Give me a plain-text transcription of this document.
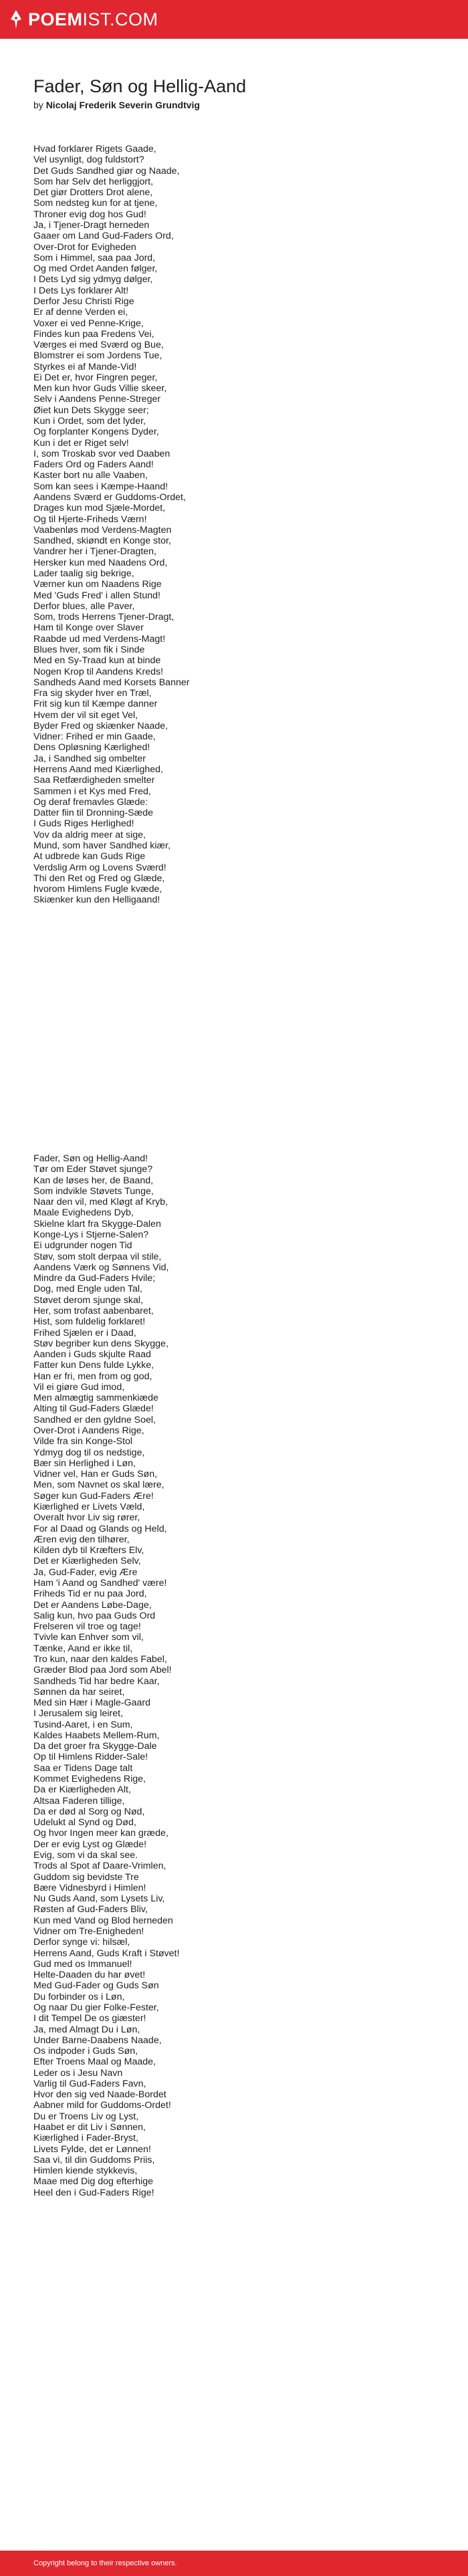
POEMIST.COM
Fader, Søn og Hellig-Aand
by Nicolaj Frederik Severin Grundtvig
Hvad forklarer Rigets Gaade,
Vel usynligt, dog fuldstort?
Det Guds Sandhed giør og Naade,
Som har Selv det herliggjort,
Det giør Drotters Drot alene,
Som nedsteg kun for at tjene,
Throner evig dog hos Gud!
Ja, i Tjener-Dragt herneden
Gaaer om Land Gud-Faders Ord,
Over-Drot for Evigheden
Som i Himmel, saa paa Jord,
Og med Ordet Aanden følger,
I Dets Lyd sig ydmyg dølger,
I Dets Lys forklarer Alt!
Derfor Jesu Christi Rige
Er af denne Verden ei,
Voxer ei ved Penne-Krige,
Findes kun paa Fredens Vei,
Værges ei med Sværd og Bue,
Blomstrer ei som Jordens Tue,
Styrkes ei af Mande-Vid!
Ei Det er, hvor Fingren peger,
Men kun hvor Guds Villie skeer,
Selv i Aandens Penne-Streger
Øiet kun Dets Skygge seer;
Kun i Ordet, som det lyder,
Og forplanter Kongens Dyder,
Kun i det er Riget selv!
I, som Troskab svor ved Daaben
Faders Ord og Faders Aand!
Kaster bort nu alle Vaaben,
Som kan sees i Kæmpe-Haand!
Aandens Sværd er Guddoms-Ordet,
Drages kun mod Sjæle-Mordet,
Og til Hjerte-Friheds Værn!
Vaabenløs mod Verdens-Magten
Sandhed, skiøndt en Konge stor,
Vandrer her i Tjener-Dragten,
Hersker kun med Naadens Ord,
Lader taalig sig bekrige,
Værner kun om Naadens Rige
Med 'Guds Fred' i allen Stund!
Derfor blues, alle Paver,
Som, trods Herrens Tjener-Dragt,
Ham til Konge over Slaver
Raabde ud med Verdens-Magt!
Blues hver, som fik i Sinde
Med en Sy-Traad kun at binde
Nogen Krop til Aandens Kreds!
Sandheds Aand med Korsets Banner
Fra sig skyder hver en Træl,
Frit sig kun til Kæmpe danner
Hvem der vil sit eget Vel,
Byder Fred og skiænker Naade,
Vidner: Frihed er min Gaade,
Dens Opløsning Kærlighed!
Ja, i Sandhed sig ombelter
Herrens Aand med Kiærlighed,
Saa Retfærdigheden smelter
Sammen i et Kys med Fred,
Og deraf fremavles Glæde:
Datter fiin til Dronning-Sæde
I Guds Riges Herlighed!
Vov da aldrig meer at sige,
Mund, som haver Sandhed kiær,
At udbrede kan Guds Rige
Verdslig Arm og Lovens Sværd!
Thi den Ret og Fred og Glæde,
hvorom Himlens Fugle kvæde,
Skiænker kun den Helligaand!
Fader, Søn og Hellig-Aand!
Tør om Eder Støvet sjunge?
Kan de løses her, de Baand,
Som indvikle Støvets Tunge,
Naar den vil, med Kløgt af Kryb,
Maale Evighedens Dyb,
Skielne klart fra Skygge-Dalen
Konge-Lys i Stjerne-Salen?
Ei udgrunder nogen Tid
Støv, som stolt derpaa vil stile,
Aandens Værk og Sønnens Vid,
Mindre da Gud-Faders Hvile;
Dog, med Engle uden Tal,
Støvet derom sjunge skal,
Her, som trofast aabenbaret,
Hist, som fuldelig forklaret!
Frihed Sjælen er i Daad,
Støv begriber kun dens Skygge,
Aanden i Guds skjulte Raad
Fatter kun Dens fulde Lykke,
Han er fri, men from og god,
Vil ei giøre Gud imod,
Men almægtig sammenkiæde
Alting til Gud-Faders Glæde!
Sandhed er den gyldne Soel,
Over-Drot i Aandens Rige,
Vilde fra sin Konge-Stol
Ydmyg dog til os nedstige,
Bær sin Herlighed i Løn,
Vidner vel, Han er Guds Søn,
Men, som Navnet os skal lære,
Søger kun Gud-Faders Ære!
Kiærlighed er Livets Væld,
Overalt hvor Liv sig rører,
For al Daad og Glands og Held,
Æren evig den tilhører,
Kilden dyb til Kræfters Elv,
Det er Kiærligheden Selv,
Ja, Gud-Fader, evig Ære
Ham 'i Aand og Sandhed' være!
Friheds Tid er nu paa Jord,
Det er Aandens Løbe-Dage,
Salig kun, hvo paa Guds Ord
Frelseren vil troe og tage!
Tvivle kan Enhver som vil,
Tænke, Aand er ikke til,
Tro kun, naar den kaldes Fabel,
Græder Blod paa Jord som Abel!
Sandheds Tid har bedre Kaar,
Sønnen da har seiret,
Med sin Hær i Magle-Gaard
I Jerusalem sig leiret,
Tusind-Aaret, i en Sum,
Kaldes Haabets Mellem-Rum,
Da det groer fra Skygge-Dale
Op til Himlens Ridder-Sale!
Saa er Tidens Dage talt
Kommet Evighedens Rige,
Da er Kiærligheden Alt,
Altsaa Faderen tillige,
Da er død al Sorg og Nød,
Udelukt al Synd og Død,
Og hvor Ingen meer kan græde,
Der er evig Lyst og Glæde!
Evig, som vi da skal see.
Trods al Spot af Daare-Vrimlen,
Guddom sig bevidste Tre
Bære Vidnesbyrd i Himlen!
Nu Guds Aand, som Lysets Liv,
Røsten af Gud-Faders Bliv,
Kun med Vand og Blod herneden
Vidner om Tre-Enigheden!
Derfor synge vi: hilsæl,
Herrens Aand, Guds Kraft i Støvet!
Gud med os Immanuel!
Helte-Daaden du har øvet!
Med Gud-Fader og Guds Søn
Du forbinder os i Løn,
Og naar Du gier Folke-Fester,
I dit Tempel De os giæster!
Ja, med Almagt Du i Løn,
Under Barne-Daabens Naade,
Os indpoder i Guds Søn,
Efter Troens Maal og Maade,
Leder os i Jesu Navn
Varlig til Gud-Faders Favn,
Hvor den sig ved Naade-Bordet
Aabner mild for Guddoms-Ordet!
Du er Troens Liv og Lyst,
Haabet er dit Liv i Sønnen,
Kiærlighed i Fader-Bryst,
Livets Fylde, det er Lønnen!
Saa vi, til din Guddoms Priis,
Himlen kiende stykkevis,
Maae med Dig dog efterhige
Heel den i Gud-Faders Rige!
Copyright belong to their respective owners.
